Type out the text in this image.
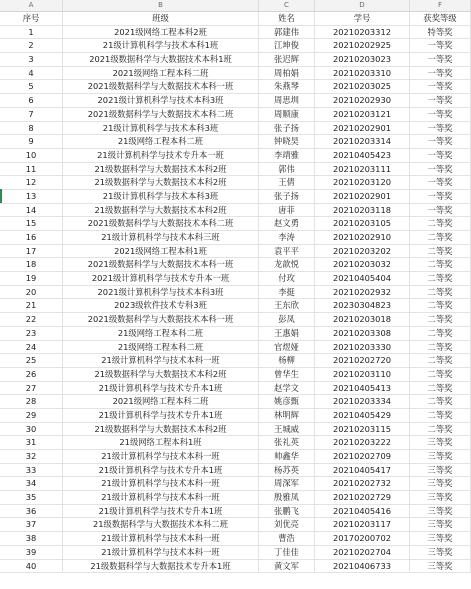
A	B	C	D	F
序号	班级	姓名	学号	获奖等级
1	2021级网络工程本科2班	郭建伟	20210203312	特等奖
2	21级计算机科学与技术本科1班	江坤俊	20210202925	一等奖
3	2021级数据科学与大数据技术本科1班	张迟辉	20210203023	一等奖
4	2021级网络工程本科二班	周柏娟	20210203310	一等奖
5	2021级数据科学与大数据技术本科一班	朱燕琴	20210203025	一等奖
6	2021级计算机科学与技术本科3班	周思圳	20210202930	一等奖
7	2021级数据科学与大数据技术本科二班	周顺康	20210203121	一等奖
8	21级计算机科学与技术本科3班	张子扬	20210202901	一等奖
9	21级网络工程本科二班	钟晓昊	20210203314	一等奖
10	21级计算机科学与技术专升本一班	李靖雅	20210405423	一等奖
11	21级数据科学与大数据技术本科2班	郭伟	20210203111	一等奖
12	21级数据科学与大数据技术本科2班	王倩	20210203120	一等奖
13	21级计算机科学与技术本科3班	张子扬	20210202901	一等奖
14	21级数据科学与大数据技术本科2班	唐菲	20210203118	一等奖
15	2021级数据科学与大数据技术本科二班	赵文勇	20210203105	二等奖
16	21级计算机科学与技术本科三班	李涛	20210202910	二等奖
17	2021级网络工程本科1班	袁平平	20210203202	二等奖
18	2021级数据科学与大数据技术本科一班	龙歆悦	20210203032	二等奖
19	2021级计算机科学与技术专升本一班	付玫	20210405404	二等奖
20	2021级计算机科学与技术本科3班	李挺	20210202932	二等奖
21	2023级软件技术专科3班	王东欣	20230304823	二等奖
22	2021级数据科学与大数据技术本科一班	彭凤	20210203018	二等奖
23	21级网络工程本科二班	王惠娟	20210203308	二等奖
24	21级网络工程本科二班	官煜娅	20210203330	二等奖
25	21级计算机科学与技术本科一班	杨柳	20210202720	二等奖
26	21级数据科学与大数据技术本科2班	曾华生	20210203110	二等奖
27	21级计算机科学与技术专升本1班	赵学文	20210405413	二等奖
28	2021级网络工程本科二班	姚彦甄	20210203334	二等奖
29	21级计算机科学与技术专升本1班	林明辉	20210405429	二等奖
30	21级数据科学与大数据技术本科2班	王城威	20210203115	二等奖
31	21级网络工程本科1班	张礼英	20210203222	三等奖
32	21级计算机科学与技术本科一班	帅鑫华	20210202709	三等奖
33	21级计算机科学与技术专升本1班	杨苏英	20210405417	三等奖
34	21级计算机科学与技术本科一班	周深军	20210202732	三等奖
35	21级计算机科学与技术本科一班	殷雅凤	20210202729	三等奖
36	21级计算机科学与技术专升本1班	张鹏飞	20210405416	三等奖
37	21级数据科学与大数据技术本科二班	刘优亮	20210203117	三等奖
38	21级计算机科学与技术本科一班	曹浩	20170200702	三等奖
39	21级计算机科学与技术本科一班	丁佳佳	20210202704	三等奖
40	21级数据科学与大数据技术专升本1班	黄文军	20210406733	三等奖
